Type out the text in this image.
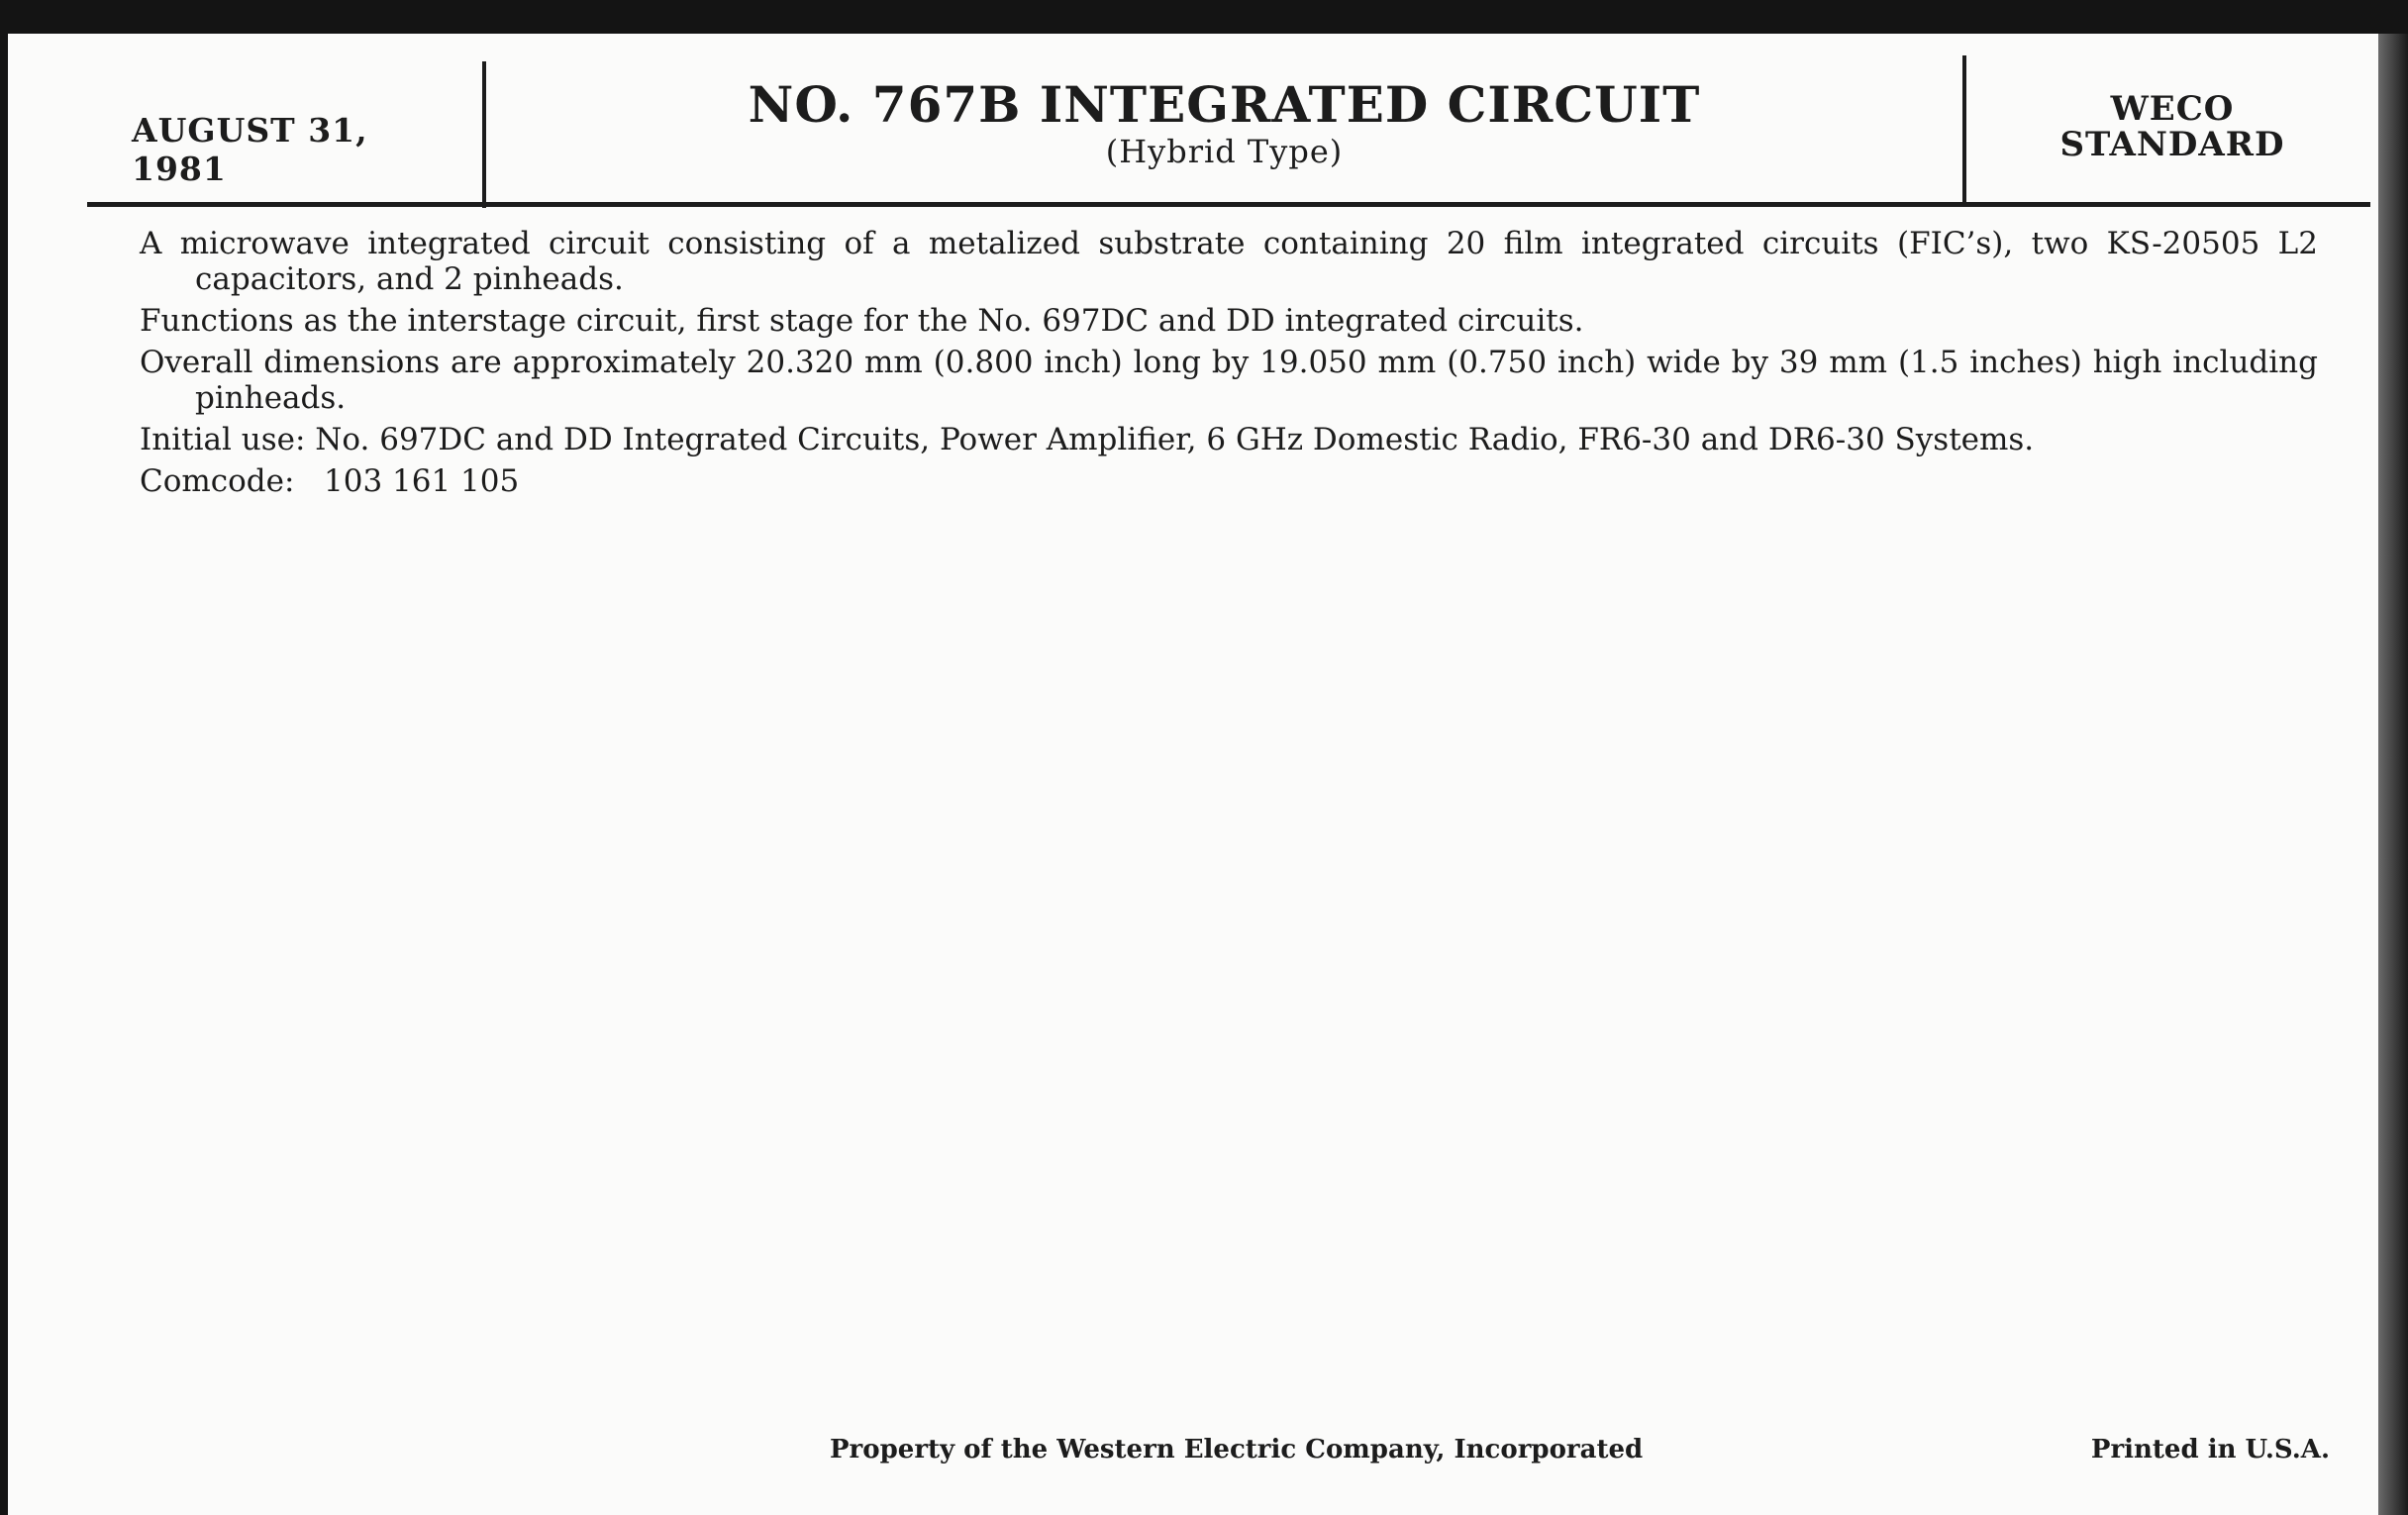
AUGUST 31, 1981
NO. 767B INTEGRATED CIRCUIT
(Hybrid Type)
WECO
STANDARD

A microwave integrated circuit consisting of a metalized substrate containing 20 film integrated circuits (FIC’s), two KS-20505 L2 capacitors, and 2 pinheads.

Functions as the interstage circuit, first stage for the No. 697DC and DD integrated circuits.

Overall dimensions are approximately 20.320 mm (0.800 inch) long by 19.050 mm (0.750 inch) wide by 39 mm (1.5 inches) high including pinheads.

Initial use: No. 697DC and DD Integrated Circuits, Power Amplifier, 6 GHz Domestic Radio, FR6-30 and DR6-30 Systems.

Comcode:   103 161 105

Property of the Western Electric Company, Incorporated	Printed in U.S.A.
